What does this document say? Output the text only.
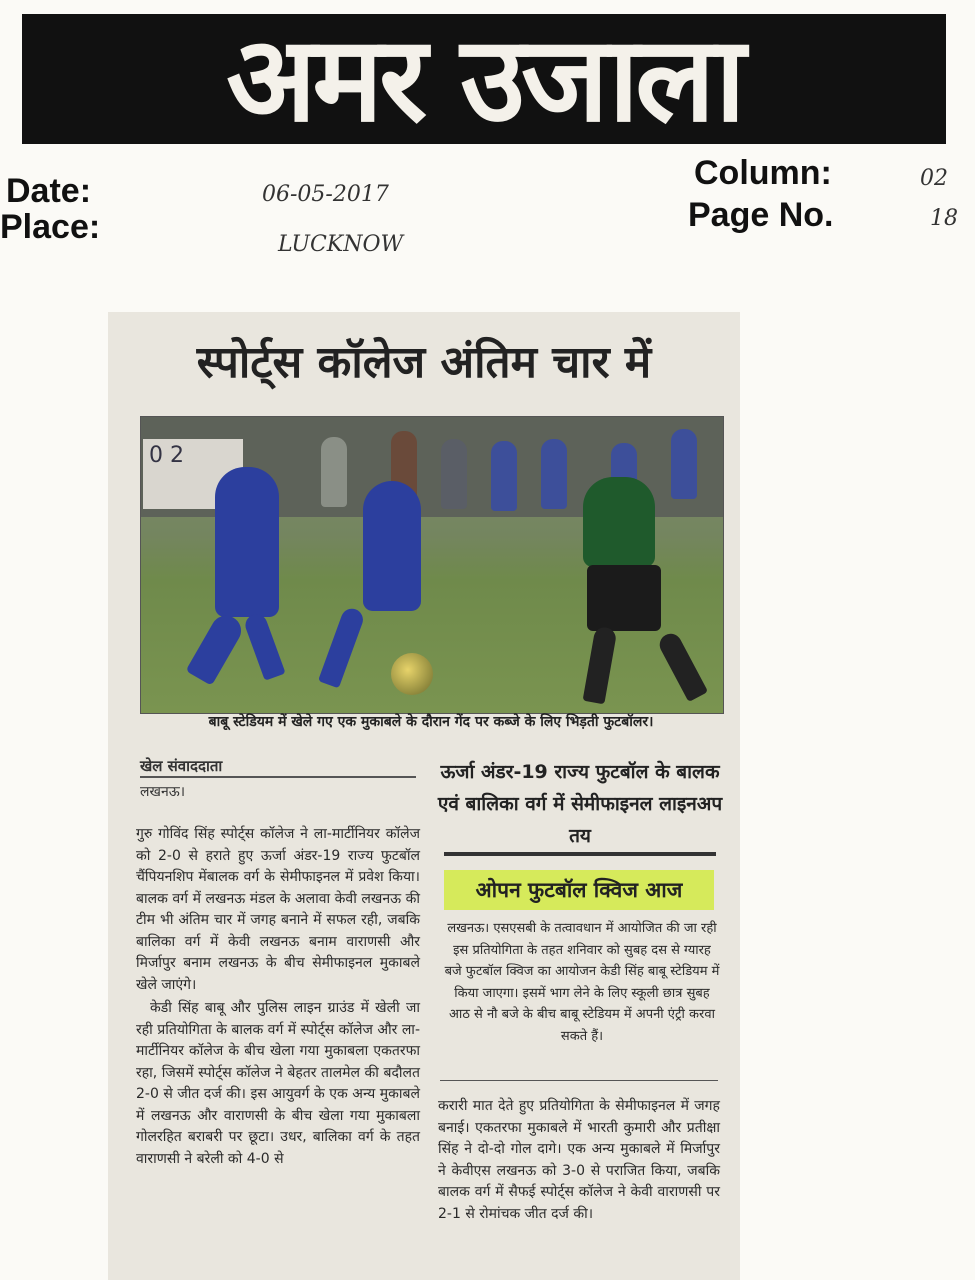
अमर उजाला
Date:	06-05-2017
Place:	LUCKNOW
Column:	02
Page No.	18
स्पोर्ट्स कॉलेज अंतिम चार में
0 2
बाबू स्टेडियम में खेले गए एक मुकाबले के दौरान गेंद पर कब्जे के लिए भिड़ती फुटबॉलर।
खेल संवाददाता
लखनऊ।

गुरु गोविंद सिंह स्पोर्ट्स कॉलेज ने ला-मार्टीनियर कॉलेज को 2-0 से हराते हुए ऊर्जा अंडर-19 राज्य फुटबॉल चैंपियनशिप मेंबालक वर्ग के सेमीफाइनल में प्रवेश किया। बालक वर्ग में लखनऊ मंडल के अलावा केवी लखनऊ की टीम भी अंतिम चार में जगह बनाने में सफल रही, जबकि बालिका वर्ग में केवी लखनऊ बनाम वाराणसी और मिर्जापुर बनाम लखनऊ के बीच सेमीफाइनल मुकाबले खेले जाएंगे।

केडी सिंह बाबू और पुलिस लाइन ग्राउंड में खेली जा रही प्रतियोगिता के बालक वर्ग में स्पोर्ट्स कॉलेज और ला-मार्टीनियर कॉलेज के बीच खेला गया मुकाबला एकतरफा रहा, जिसमें स्पोर्ट्स कॉलेज ने बेहतर तालमेल की बदौलत 2-0 से जीत दर्ज की। इस आयुवर्ग के एक अन्य मुकाबले में लखनऊ और वाराणसी के बीच खेला गया मुकाबला गोलरहित बराबरी पर छूटा। उधर, बालिका वर्ग के तहत वाराणसी ने बरेली को 4-0 से

ऊर्जा अंडर-19 राज्य फुटबॉल के बालक एवं बालिका वर्ग में सेमीफाइनल लाइनअप तय
ओपन फुटबॉल क्विज आज
लखनऊ। एसएसबी के तत्वावधान में आयोजित की जा रही इस प्रतियोगिता के तहत शनिवार को सुबह दस से ग्यारह बजे फुटबॉल क्विज का आयोजन केडी सिंह बाबू स्टेडियम में किया जाएगा। इसमें भाग लेने के लिए स्कूली छात्र सुबह आठ से नौ बजे के बीच बाबू स्टेडियम में अपनी एंट्री करवा सकते हैं।
करारी मात देते हुए प्रतियोगिता के सेमीफाइनल में जगह बनाई। एकतरफा मुकाबले में भारती कुमारी और प्रतीक्षा सिंह ने दो-दो गोल दागे। एक अन्य मुकाबले में मिर्जापुर ने केवीएस लखनऊ को 3-0 से पराजित किया, जबकि बालक वर्ग में सैफई स्पोर्ट्स कॉलेज ने केवी वाराणसी पर 2-1 से रोमांचक जीत दर्ज की।
